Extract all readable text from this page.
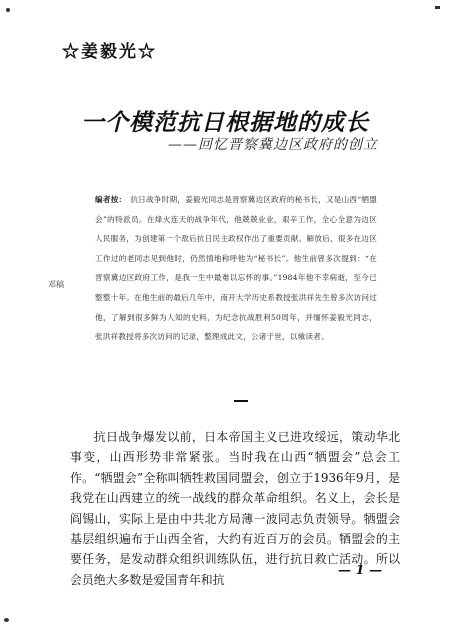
☆姜毅光☆
一个模范抗日根据地的成长
——回忆晋察冀边区政府的创立
编者按： 抗日战争时期，姜毅光同志是晋察冀边区政府的秘书长，又是山西“牺盟会”的特派员。在烽火连天的战争年代，他兢兢业业，艰辛工作，全心全意为边区人民服务，为创建第一个敌后抗日民主政权作出了重要贡献。解放后，很多在边区工作过的老同志见到他时，仍然情地称呼他为“秘书长”。他生前曾多次提到：“在晋察冀边区政府工作，是我一生中最难以忘怀的事。”1984年他不幸病逝，至今已整整十年。在他生前的最后几年中，南开大学历史系教授张洪祥先生曾多次访问过他，了解到很多鲜为人知的史料，为纪念抗战胜利50周年，并缅怀姜毅光同志，张洪祥教授将多次访问的记录，整理成此文，公诸于世，以飨读者。
邓稿

抗日战争爆发以前，日本帝国主义已进攻绥远，策动华北事变，山西形势非常紧张。当时我在山西“牺盟会”总会工作。“牺盟会”全称叫牺牲救国同盟会，创立于1936年9月，是我党在山西建立的统一战线的群众革命组织。名义上，会长是阎锡山，实际上是由中共北方局薄一波同志负责领导。牺盟会基层组织遍布于山西全省，大约有近百万的会员。牺盟会的主要任务，是发动群众组织训练队伍，进行抗日救亡活动。所以会员绝大多数是爱国青年和抗

— 1 —
